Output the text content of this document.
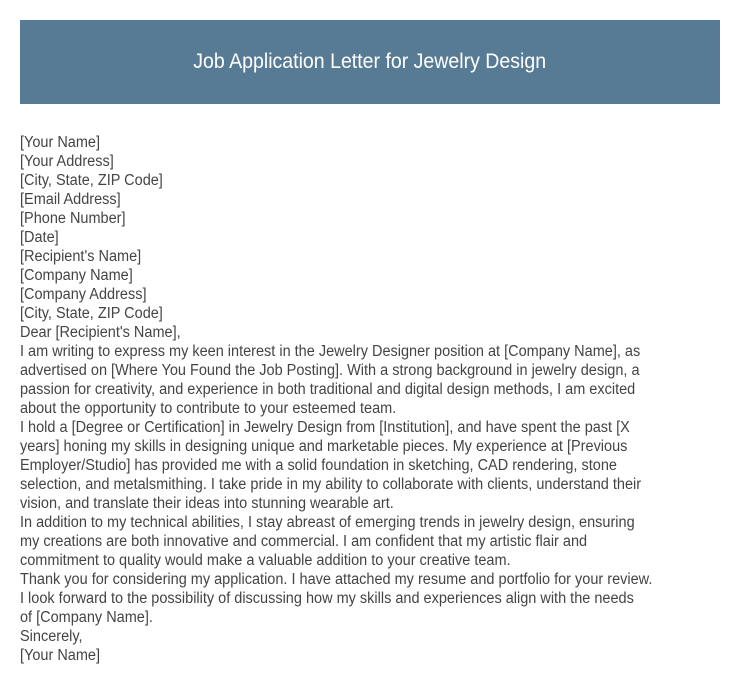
Job Application Letter for Jewelry Design
[Your Name]
[Your Address]
[City, State, ZIP Code]
[Email Address]
[Phone Number]
[Date]
[Recipient's Name]
[Company Name]
[Company Address]
[City, State, ZIP Code]
Dear [Recipient's Name],
I am writing to express my keen interest in the Jewelry Designer position at [Company Name], as
advertised on [Where You Found the Job Posting]. With a strong background in jewelry design, a
passion for creativity, and experience in both traditional and digital design methods, I am excited
about the opportunity to contribute to your esteemed team.
I hold a [Degree or Certification] in Jewelry Design from [Institution], and have spent the past [X
years] honing my skills in designing unique and marketable pieces. My experience at [Previous
Employer/Studio] has provided me with a solid foundation in sketching, CAD rendering, stone
selection, and metalsmithing. I take pride in my ability to collaborate with clients, understand their
vision, and translate their ideas into stunning wearable art.
In addition to my technical abilities, I stay abreast of emerging trends in jewelry design, ensuring
my creations are both innovative and commercial. I am confident that my artistic flair and
commitment to quality would make a valuable addition to your creative team.
Thank you for considering my application. I have attached my resume and portfolio for your review.
I look forward to the possibility of discussing how my skills and experiences align with the needs
of [Company Name].
Sincerely,
[Your Name]
